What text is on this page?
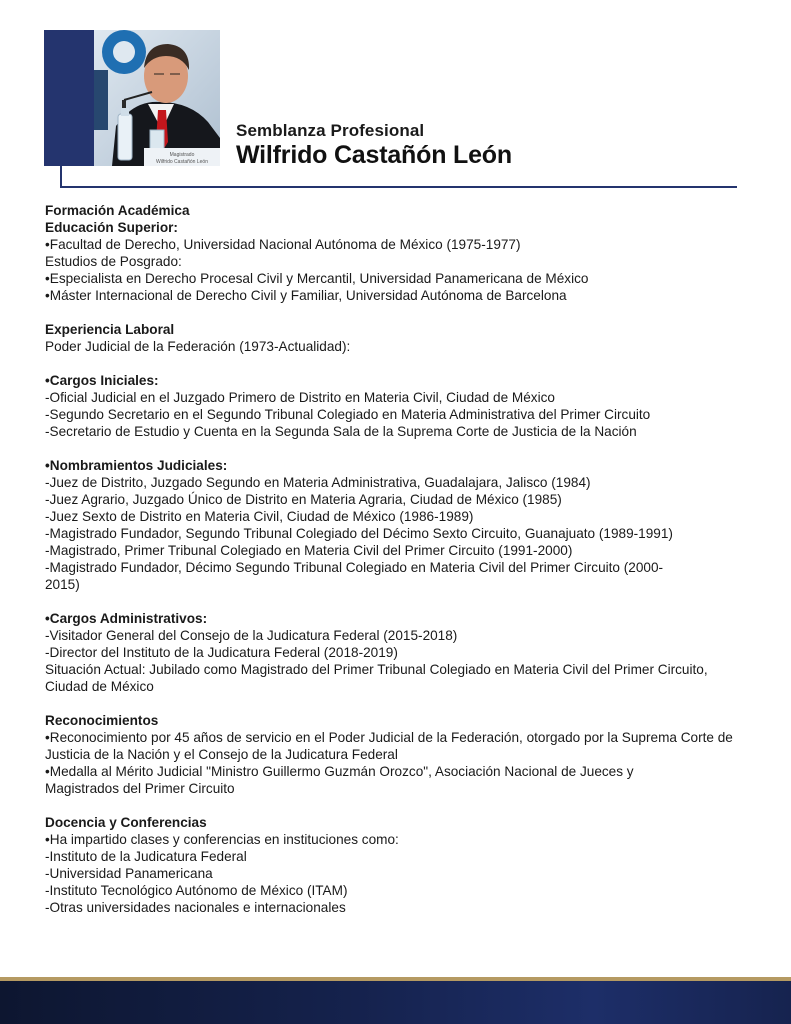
Magistrado
Wilfrido Castañón León
Semblanza Profesional
Wilfrido Castañón León
Formación Académica
Educación Superior:
•Facultad de Derecho, Universidad Nacional Autónoma de México (1975-1977)
Estudios de Posgrado:
•Especialista en Derecho Procesal Civil y Mercantil, Universidad Panamericana de México
•Máster Internacional de Derecho Civil y Familiar, Universidad Autónoma de Barcelona
Experiencia Laboral
Poder Judicial de la Federación (1973-Actualidad):
•Cargos Iniciales:
-Oficial Judicial en el Juzgado Primero de Distrito en Materia Civil, Ciudad de México
-Segundo Secretario en el Segundo Tribunal Colegiado en Materia Administrativa del Primer Circuito
-Secretario de Estudio y Cuenta en la Segunda Sala de la Suprema Corte de Justicia de la Nación
•Nombramientos Judiciales:
-Juez de Distrito, Juzgado Segundo en Materia Administrativa, Guadalajara, Jalisco (1984)
-Juez Agrario, Juzgado Único de Distrito en Materia Agraria, Ciudad de México (1985)
-Juez Sexto de Distrito en Materia Civil, Ciudad de México (1986-1989)
-Magistrado Fundador, Segundo Tribunal Colegiado del Décimo Sexto Circuito, Guanajuato (1989-1991)
-Magistrado, Primer Tribunal Colegiado en Materia Civil del Primer Circuito (1991-2000)
-Magistrado Fundador, Décimo Segundo Tribunal Colegiado en Materia Civil del Primer Circuito (2000-2015)
•Cargos Administrativos:
-Visitador General del Consejo de la Judicatura Federal (2015-2018)
-Director del Instituto de la Judicatura Federal (2018-2019)
Situación Actual: Jubilado como Magistrado del Primer Tribunal Colegiado en Materia Civil del Primer Circuito, Ciudad de México
Reconocimientos
•Reconocimiento por 45 años de servicio en el Poder Judicial de la Federación, otorgado por la Suprema Corte de Justicia de la Nación y el Consejo de la Judicatura Federal
•Medalla al Mérito Judicial "Ministro Guillermo Guzmán Orozco", Asociación Nacional de Jueces y Magistrados del Primer Circuito
Docencia y Conferencias
•Ha impartido clases y conferencias en instituciones como:
-Instituto de la Judicatura Federal
-Universidad Panamericana
-Instituto Tecnológico Autónomo de México (ITAM)
-Otras universidades nacionales e internacionales
